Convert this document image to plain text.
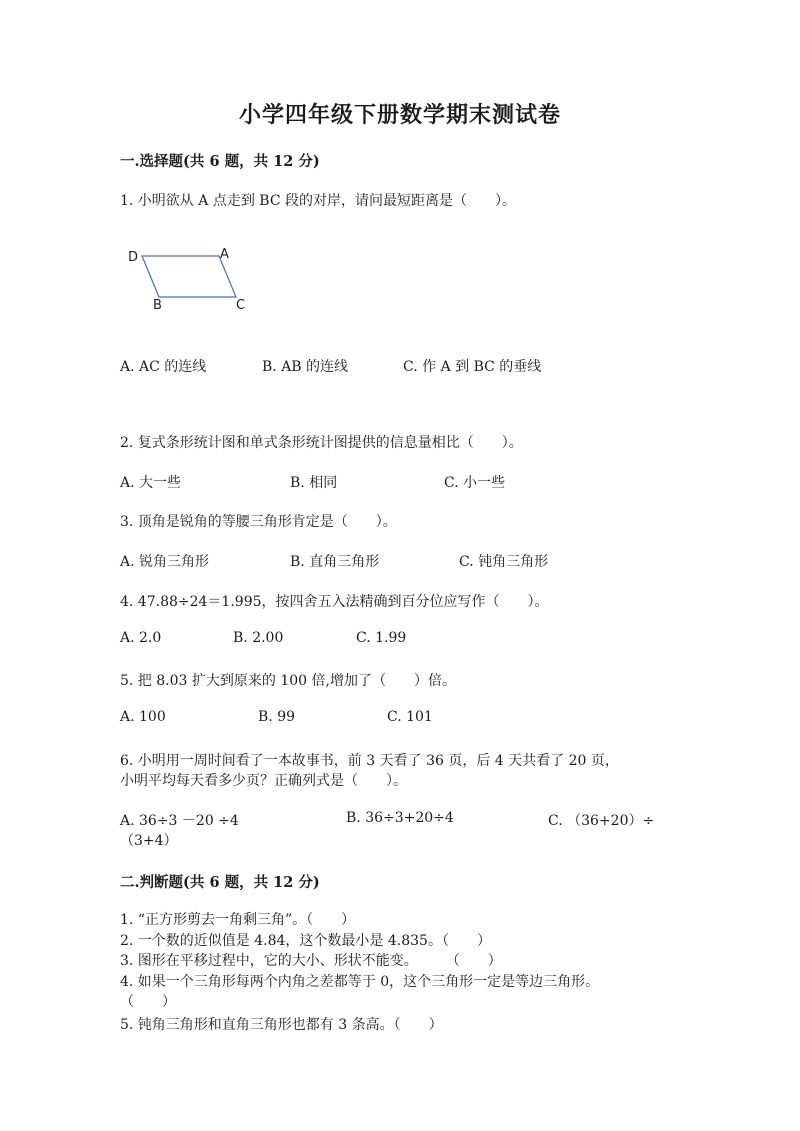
小学四年级下册数学期末测试卷
一.选择题(共 6 题，共 12 分)
1. 小明欲从 A 点走到 BC 段的对岸，请问最短距离是（　　）。
D	A
B	C
A. AC 的连线	B. AB 的连线	C. 作 A 到 BC 的垂线
2. 复式条形统计图和单式条形统计图提供的信息量相比（　　）。
A. 大一些	B. 相同	C. 小一些
3. 顶角是锐角的等腰三角形肯定是（　　）。
A. 锐角三角形	B. 直角三角形	C. 钝角三角形
4. 47.88÷24＝1.995，按四舍五入法精确到百分位应写作（　　）。
A. 2.0	B. 2.00	C. 1.99
5. 把 8.03 扩大到原来的 100 倍,增加了（　　）倍。
A. 100	B. 99	C. 101
6. 小明用一周时间看了一本故事书，前 3 天看了 36 页，后 4 天共看了 20 页，
小明平均每天看多少页？正确列式是（　　）。
A. 36÷3 －20 ÷4	B. 36÷3+20÷4	C. （36+20）÷
（3+4）
二.判断题(共 6 题，共 12 分)
1. “正方形剪去一角剩三角”。（　　）
2. 一个数的近似值是 4.84，这个数最小是 4.835。（　　）
3. 图形在平移过程中，它的大小、形状不能变。　　　（　　）
4. 如果一个三角形每两个内角之差都等于 0，这个三角形一定是等边三角形。
（　　）
5. 钝角三角形和直角三角形也都有 3 条高。（　　）
